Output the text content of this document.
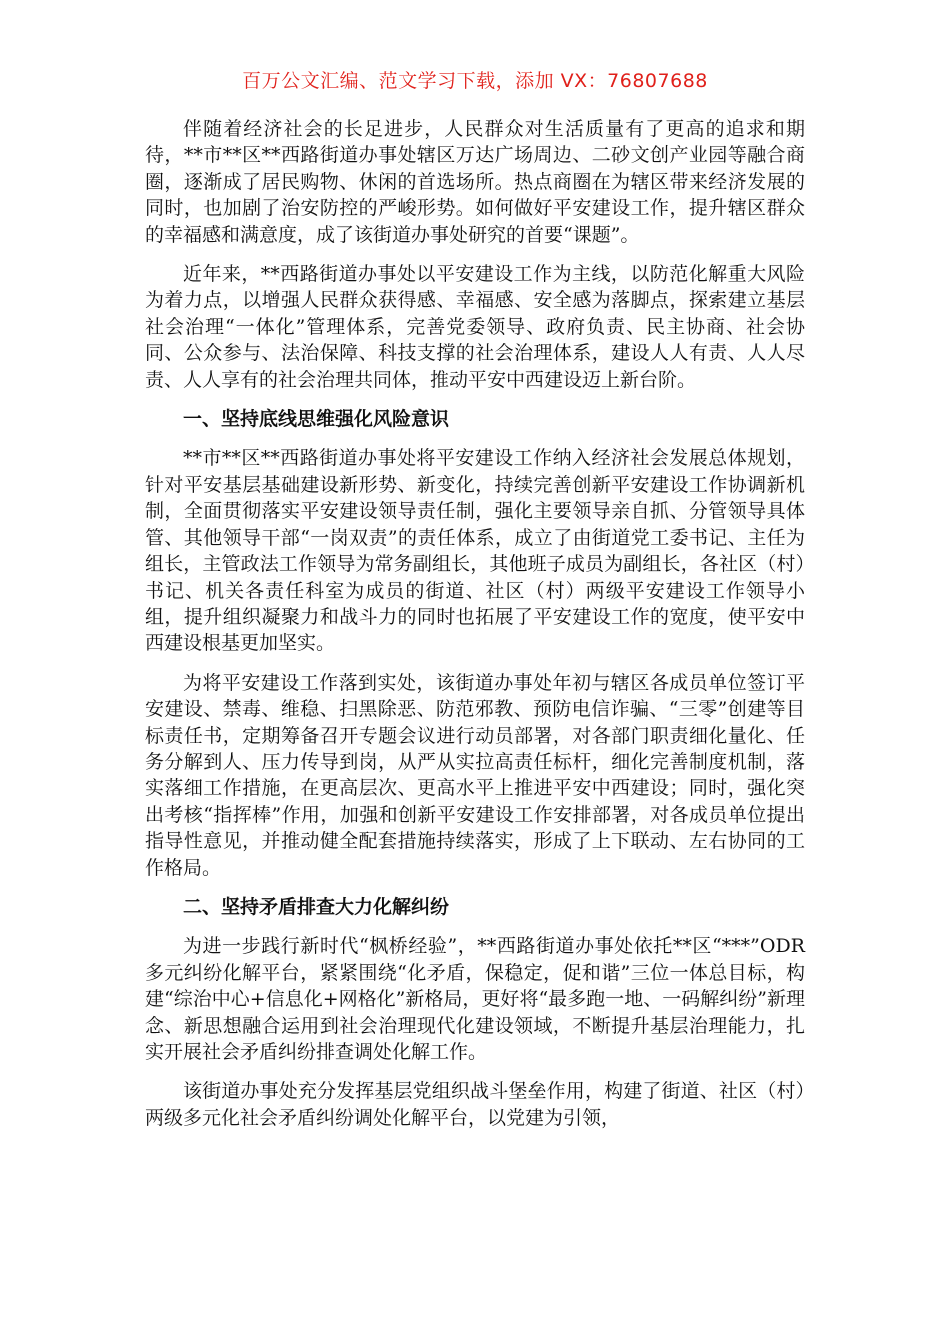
百万公文汇编、范文学习下载，添加 VX：76807688

伴随着经济社会的长足进步，人民群众对生活质量有了更高的追求和期待，**市**区**西路街道办事处辖区万达广场周边、二砂文创产业园等融合商圈，逐渐成了居民购物、休闲的首选场所。热点商圈在为辖区带来经济发展的同时，也加剧了治安防控的严峻形势。如何做好平安建设工作，提升辖区群众的幸福感和满意度，成了该街道办事处研究的首要“课题”。

近年来，**西路街道办事处以平安建设工作为主线，以防范化解重大风险为着力点，以增强人民群众获得感、幸福感、安全感为落脚点，探索建立基层社会治理“一体化”管理体系，完善党委领导、政府负责、民主协商、社会协同、公众参与、法治保障、科技支撑的社会治理体系，建设人人有责、人人尽责、人人享有的社会治理共同体，推动平安中西建设迈上新台阶。

一、坚持底线思维强化风险意识

**市**区**西路街道办事处将平安建设工作纳入经济社会发展总体规划，针对平安基层基础建设新形势、新变化，持续完善创新平安建设工作协调新机制，全面贯彻落实平安建设领导责任制，强化主要领导亲自抓、分管领导具体管、其他领导干部“一岗双责”的责任体系，成立了由街道党工委书记、主任为组长，主管政法工作领导为常务副组长，其他班子成员为副组长，各社区（村）书记、机关各责任科室为成员的街道、社区（村）两级平安建设工作领导小组，提升组织凝聚力和战斗力的同时也拓展了平安建设工作的宽度，使平安中西建设根基更加坚实。

为将平安建设工作落到实处，该街道办事处年初与辖区各成员单位签订平安建设、禁毒、维稳、扫黑除恶、防范邪教、预防电信诈骗、“三零”创建等目标责任书，定期筹备召开专题会议进行动员部署，对各部门职责细化量化、任务分解到人、压力传导到岗，从严从实拉高责任标杆，细化完善制度机制，落实落细工作措施，在更高层次、更高水平上推进平安中西建设；同时，强化突出考核“指挥棒”作用，加强和创新平安建设工作安排部署，对各成员单位提出指导性意见，并推动健全配套措施持续落实，形成了上下联动、左右协同的工作格局。

二、坚持矛盾排查大力化解纠纷

为进一步践行新时代“枫桥经验”，**西路街道办事处依托**区“***”ODR 多元纠纷化解平台，紧紧围绕“化矛盾，保稳定，促和谐”三位一体总目标，构建“综治中心+信息化+网格化”新格局，更好将“最多跑一地、一码解纠纷”新理念、新思想融合运用到社会治理现代化建设领域，不断提升基层治理能力，扎实开展社会矛盾纠纷排查调处化解工作。

该街道办事处充分发挥基层党组织战斗堡垒作用，构建了街道、社区（村）两级多元化社会矛盾纠纷调处化解平台，以党建为引领，
